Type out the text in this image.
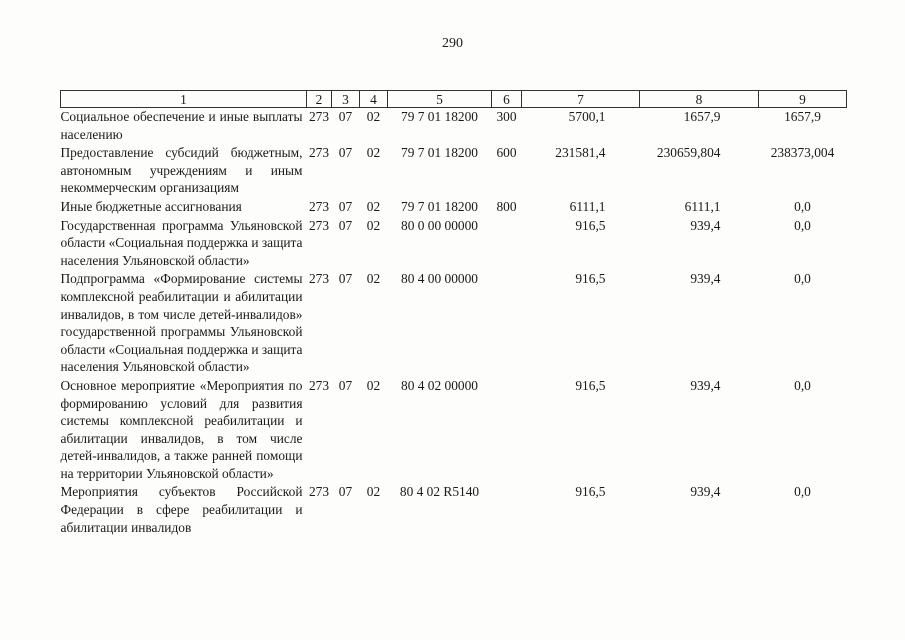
290
1	2	3	4	5	6	7	8	9
Социальное обеспечение и иные выплаты населению	273	07	02	79 7 01 18200	300	5700,1	1657,9	1657,9
Предоставление субсидий бюджетным, автономным учреждениям и иным некоммерческим организациям	273	07	02	79 7 01 18200	600	231581,4	230659,804	238373,004
Иные бюджетные ассигнования	273	07	02	79 7 01 18200	800	6111,1	6111,1	0,0
Государственная программа Ульяновской области «Социальная поддержка и защита населения Ульяновской области»	273	07	02	80 0 00 00000		916,5	939,4	0,0
Подпрограмма «Формирование системы комплексной реабилитации и абилитации инвалидов, в том числе детей-инвалидов» государственной программы Ульяновской области «Социальная поддержка и защита населения Ульяновской области»	273	07	02	80 4 00 00000		916,5	939,4	0,0
Основное мероприятие «Мероприятия по формированию условий для развития системы комплексной реабилитации и абилитации инвалидов, в том числе детей-инвалидов, а также ранней помощи на территории Ульяновской области»	273	07	02	80 4 02 00000		916,5	939,4	0,0
Мероприятия субъектов Российской Федерации в сфере реабилитации и абилитации инвалидов	273	07	02	80 4 02 R5140		916,5	939,4	0,0
